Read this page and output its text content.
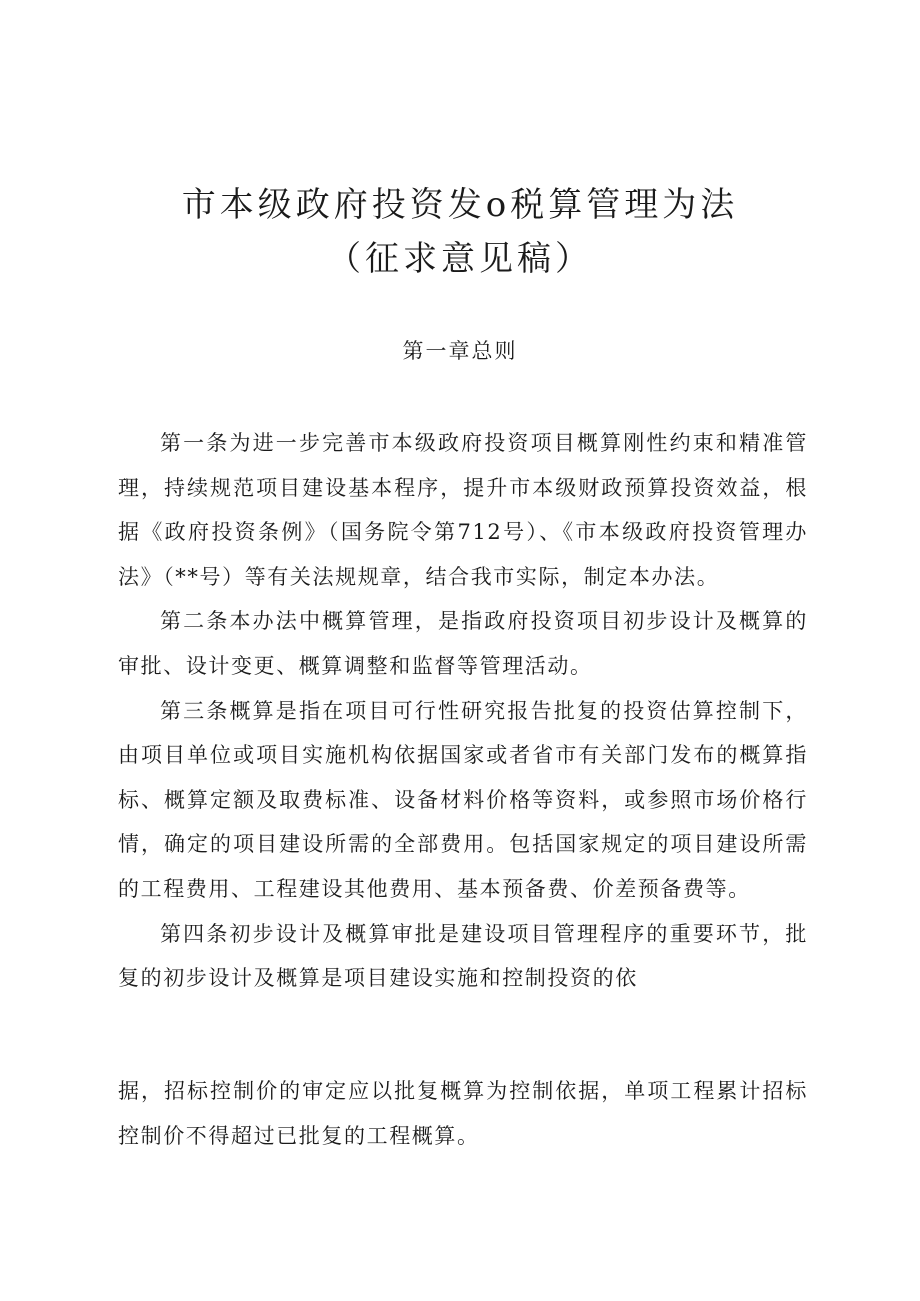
市本级政府投资发o税算管理为法
（征求意见稿）
第一章总则

第一条为进一步完善市本级政府投资项目概算刚性约束和精准管理，持续规范项目建设基本程序，提升市本级财政预算投资效益，根据《政府投资条例》（国务院令第712号）、《市本级政府投资管理办法》（**号）等有关法规规章，结合我市实际，制定本办法。

第二条本办法中概算管理，是指政府投资项目初步设计及概算的审批、设计变更、概算调整和监督等管理活动。

第三条概算是指在项目可行性研究报告批复的投资估算控制下，由项目单位或项目实施机构依据国家或者省市有关部门发布的概算指标、概算定额及取费标准、设备材料价格等资料，或参照市场价格行情，确定的项目建设所需的全部费用。包括国家规定的项目建设所需的工程费用、工程建设其他费用、基本预备费、价差预备费等。

第四条初步设计及概算审批是建设项目管理程序的重要环节，批复的初步设计及概算是项目建设实施和控制投资的依

据，招标控制价的审定应以批复概算为控制依据，单项工程累计招标控制价不得超过已批复的工程概算。
